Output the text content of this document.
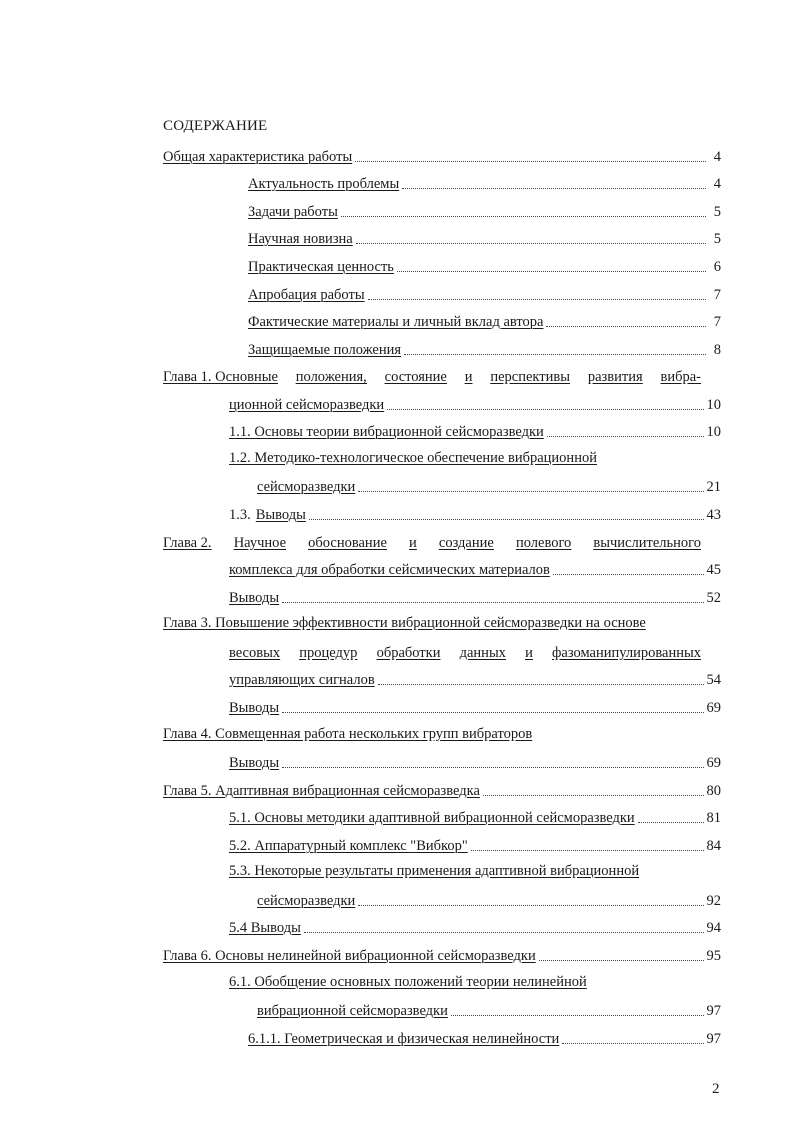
СОДЕРЖАНИЕ
Общая характеристика работы	4
Актуальность проблемы	4
Задачи работы	5
Научная новизна	5
Практическая ценность	6
Апробация работы	7
Фактические материалы и личный вклад автора	7
Защищаемые положения	8
Глава 1. Основные положения, состояние и перспективы развития вибра-
ционной сейсморазведки	10
1.1. Основы теории вибрационной сейсморазведки	10
1.2. Методико-технологическое обеспечение вибрационной
сейсморазведки	21
1.3. Выводы	43
Глава 2. Научное обоснование и создание полевого вычислительного
комплекса для обработки сейсмических материалов	45
Выводы	52
Глава 3. Повышение эффективности вибрационной сейсморазведки на основе
весовых процедур обработки данных и фазоманипулированных
управляющих сигналов	54
Выводы	69
Глава 4. Совмещенная работа нескольких групп вибраторов
Выводы	69
Глава 5. Адаптивная вибрационная сейсморазведка	80
5.1. Основы методики адаптивной вибрационной сейсморазведки	81
5.2. Аппаратурный комплекс "Вибкор"	84
5.3. Некоторые результаты применения адаптивной вибрационной
сейсморазведки	92
5.4 Выводы	94
Глава 6. Основы нелинейной вибрационной сейсморазведки	95
6.1. Обобщение основных положений теории нелинейной
вибрационной сейсморазведки	97
6.1.1. Геометрическая и физическая нелинейности	97
2
